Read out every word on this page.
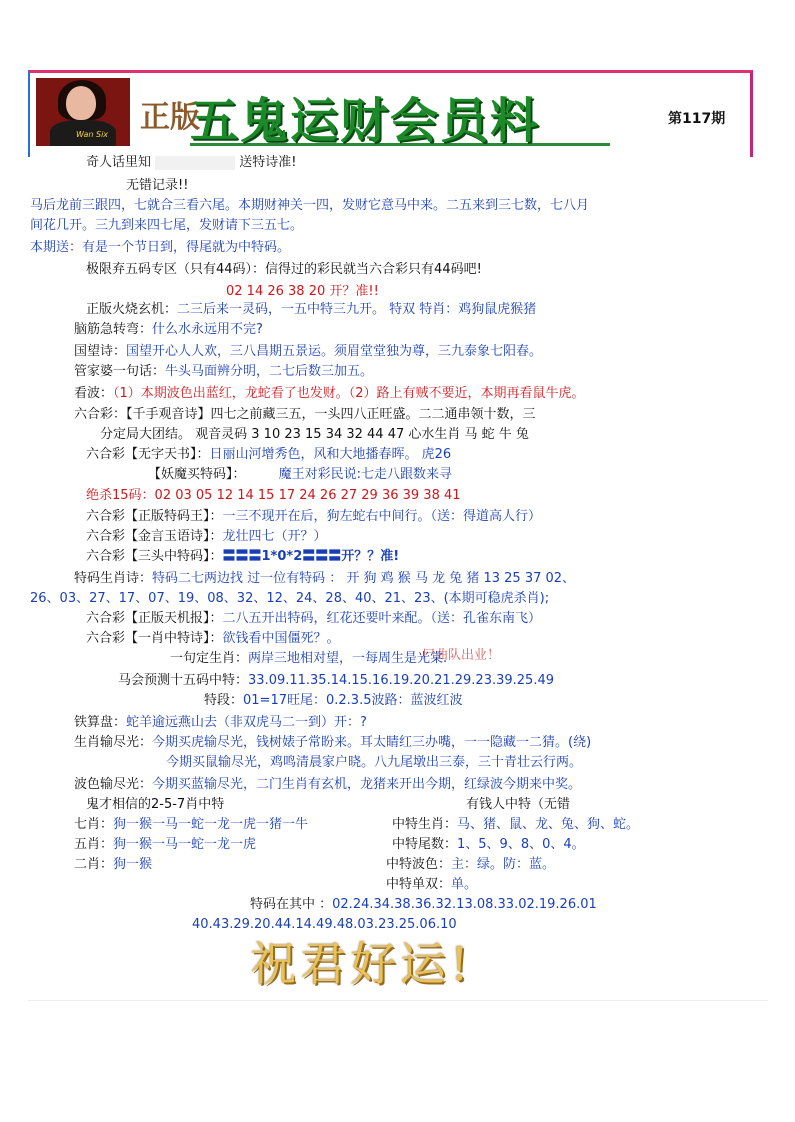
Wan Six 正版
五鬼运财会员料	第117期
奇人话里知	送特诗准!
无错记录!!
马后龙前三跟四，七就合三看六尾。本期财神关一四，发财它意马中来。二五来到三七数，七八月
间花几开。三九到来四七尾，发财请下三五七。
本期送：有是一个节日到，得尾就为中特码。
极限弃五码专区（只有44码）：信得过的彩民就当六合彩只有44码吧!
02 14 26 38 20 开？准!!
正版火烧玄机：二三后来一灵码，一五中特三九开。 特双 特肖：鸡狗鼠虎猴猪
脑筋急转弯：什么水永远用不完?
国望诗：国望开心人人欢，三八昌期五景运。须眉堂堂独为尊，三九泰象七阳春。
管家婆一句话：牛头马面辨分明，二七后数三加五。
看波：（1）本期波色出蓝红，龙蛇看了也发财。（2）路上有贼不要近，本期再看鼠牛虎。
六合彩：【千手观音诗】四七之前藏三五，一头四八正旺盛。二二通串领十数，三
分定局大团结。 观音灵码 3 10 23 15 34 32 44 47 心水生肖 马 蛇 牛 兔
六合彩【无字天书】：日丽山河增秀色，风和大地播春晖。 虎26
【妖魔买特码】：	魔王对彩民说:七走八跟数来寻
绝杀15码：02 03 05 12 14 15 17 24 26 27 29 36 39 38 41
六合彩【正版特码王】：一三不现开在后，狗左蛇右中间行。（送：得道高人行）
六合彩【金言玉语诗】：龙壮四七（开？）
六合彩【三头中特码】：〓〓〓1*0*2〓〓〓开？？准!
特码生肖诗：特码二七两边找 过一位有特码 ： 开 狗 鸡 猴 马 龙 兔 猪 13 25 37 02、
26、03、27、17、07、19、08、32、12、24、28、40、21、23、(本期可稳虎杀肖);
六合彩【正版天机报】：二八五开出特码，红花还要叶来配。（送：孔雀东南飞）
六合彩【一肖中特诗】：欲钱看中国僵死？。
尸曲队出业！
一句定生肖：两岸三地相对望，一每周生是光棠.
马会预测十五码中特：33.09.11.35.14.15.16.19.20.21.29.23.39.25.49
特段：01=17旺尾：0.2.3.5波路：蓝波红波
铁算盘：蛇羊逾远燕山去（非双虎马二一到）开：?
生肖输尽光：今期买虎输尽光，钱树婊子常盼来。耳太睛红三办嘴，一一隐藏一二猜。(绕)
今期买鼠输尽光，鸡鸣清晨家户晓。八九尾墩出三泰，三十青壮云行两。
波色输尽光：今期买蓝输尽光，二门生肖有玄机，龙猪来开出今期，红绿波今期来中奖。
鬼才相信的2-5-7肖中特	有钱人中特（无错
七肖：狗一猴一马一蛇一龙一虎一猪一牛	中特生肖：马、猪、鼠、龙、兔、狗、蛇。
五肖：狗一猴一马一蛇一龙一虎	中特尾数：1、5、9、8、0、4。
二肖：狗一猴	中特波色：主：绿。防：蓝。
中特单双：单。
特码在其中 ：02.24.34.38.36.32.13.08.33.02.19.26.01
40.43.29.20.44.14.49.48.03.23.25.06.10
祝君好运!
